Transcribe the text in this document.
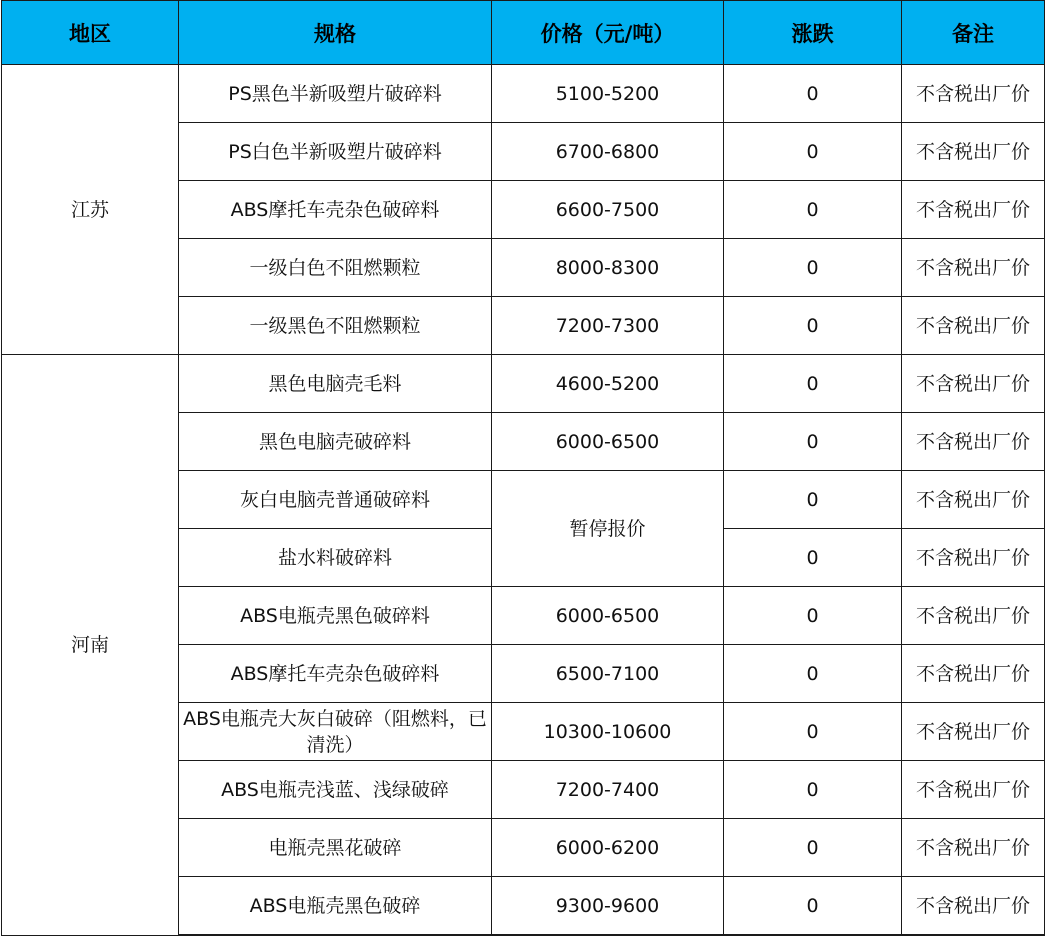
地区	规格	价格（元/吨）	涨跌	备注
江苏	PS黑色半新吸塑片破碎料	5100-5200	0	不含税出厂价
	PS白色半新吸塑片破碎料	6700-6800	0	不含税出厂价
	ABS摩托车壳杂色破碎料	6600-7500	0	不含税出厂价
	一级白色不阻燃颗粒	8000-8300	0	不含税出厂价
	一级黑色不阻燃颗粒	7200-7300	0	不含税出厂价
河南	黑色电脑壳毛料	4600-5200	0	不含税出厂价
	黑色电脑壳破碎料	6000-6500	0	不含税出厂价
	灰白电脑壳普通破碎料	暂停报价	0	不含税出厂价
	盐水料破碎料		0	不含税出厂价
	ABS电瓶壳黑色破碎料	6000-6500	0	不含税出厂价
	ABS摩托车壳杂色破碎料	6500-7100	0	不含税出厂价
	ABS电瓶壳大灰白破碎（阻燃料，已清洗）	10300-10600	0	不含税出厂价
	ABS电瓶壳浅蓝、浅绿破碎	7200-7400	0	不含税出厂价
	电瓶壳黑花破碎	6000-6200	0	不含税出厂价
	ABS电瓶壳黑色破碎	9300-9600	0	不含税出厂价
